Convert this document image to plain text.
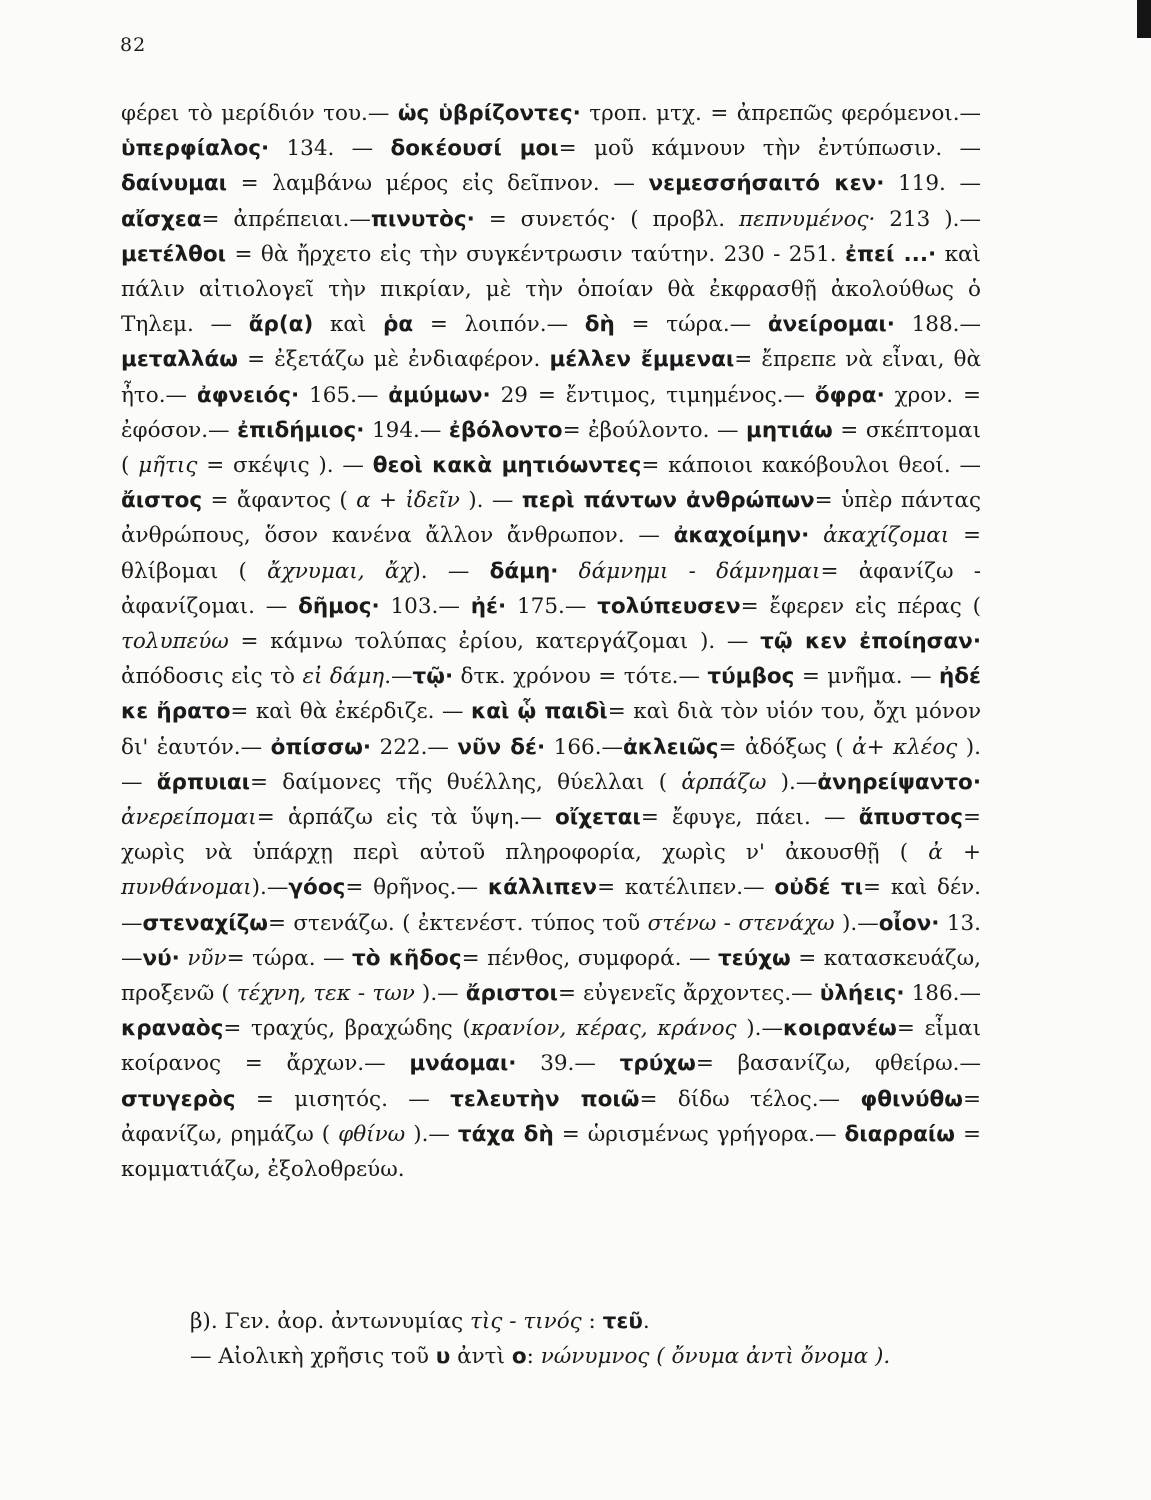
82
φέρει τὸ μερίδιόν του.— ὡς ὑβρίζοντες· τροπ. μτχ. = ἀπρεπῶς φερόμενοι.—ὑπερφίαλος· 134. — δοκέουσί μοι= μοῦ κάμνουν τὴν ἐντύπωσιν. — δαίνυμαι = λαμβάνω μέρος εἰς δεῖπνον. — νεμεσσήσαιτό κεν· 119. —αἴσχεα= ἀπρέπειαι.—πινυτὸς· = συνετός· ( προβλ. πεπνυμένος· 213 ).— μετέλθοι = θὰ ἤρχετο εἰς τὴν συγκέντρωσιν ταύτην. 230 - 251. ἐπεί ...· καὶ πάλιν αἰτιολογεῖ τὴν πικρίαν, μὲ τὴν ὁποίαν θὰ ἐκφρασθῇ ἀκολούθως ὁ Τηλεμ. — ἄρ(α) καὶ ῥα = λοιπόν.— δὴ = τώρα.— ἀνείρομαι· 188.— μεταλλάω = ἐξετάζω μὲ ἐνδιαφέρον. μέλλεν ἔμμεναι= ἔπρεπε νὰ εἶναι, θὰ ἦτο.— ἀφνειός· 165.— ἀμύμων· 29 = ἔντιμος, τιμημένος.— ὄφρα· χρον. = ἐφόσον.— ἐπιδήμιος· 194.— ἐβόλοντο= ἐβούλοντο. — μητιάω = σκέπτομαι ( μῆτις = σκέψις ). — θεοὶ κακὰ μητιόωντες= κάποιοι κακόβουλοι θεοί. — ἄιστος = ἄφαντος ( α + ἰδεῖν ). — περὶ πάντων ἀνθρώπων= ὑπὲρ πάντας ἀνθρώπους, ὅσον κανένα ἄλλον ἄνθρωπον. — ἀκαχοίμην· ἀκαχίζομαι = θλίβομαι ( ἄχνυμαι, ἄχ). — δάμη· δάμνημι - δάμνημαι= ἀφανίζω - ἀφανίζομαι. — δῆμος· 103.— ἠέ· 175.— τολύπευσεν= ἔφερεν εἰς πέρας ( τολυπεύω = κάμνω τολύπας ἐρίου, κατεργάζομαι ). — τῷ κεν ἐποίησαν· ἀπόδοσις εἰς τὸ εἰ δάμη.—τῷ· δτκ. χρόνου = τότε.— τύμβος = μνῆμα. — ἠδέ κε ἤρατο= καὶ θὰ ἐκέρδιζε. — καὶ ᾧ παιδὶ= καὶ διὰ τὸν υἱόν του, ὄχι μόνον δι' ἑαυτόν.— ὀπίσσω· 222.— νῦν δέ· 166.—ἀκλειῶς= ἀδόξως ( ἀ+ κλέος ).— ἅρπυιαι= δαίμονες τῆς θυέλλης, θύελλαι ( ἁρπάζω ).—ἀνηρείψαντο· ἀνερείπομαι= ἁρπάζω εἰς τὰ ὕψη.— οἴχεται= ἔφυγε, πάει. — ἄπυστος= χωρὶς νὰ ὑπάρχῃ περὶ αὐτοῦ πληροφορία, χωρὶς ν' ἀκουσθῇ ( ἀ + πυνθάνομαι).—γόος= θρῆνος.— κάλλιπεν= κατέλιπεν.— οὐδέ τι= καὶ δέν. —στεναχίζω= στενάζω. ( ἐκτενέστ. τύπος τοῦ στένω - στενάχω ).—οἶον· 13.—νύ· νῦν= τώρα. — τὸ κῆδος= πένθος, συμφορά. — τεύχω = κατασκευάζω, προξενῶ ( τέχνη, τεκ - των ).— ἄριστοι= εὐγενεῖς ἄρχοντες.— ὑλήεις· 186.— κραναὸς= τραχύς, βραχώδης (κρανίον, κέρας, κράνος ).—κοιρανέω= εἶμαι κοίρανος = ἄρχων.— μνάομαι· 39.— τρύχω= βασανίζω, φθείρω.— στυγερὸς = μισητός. — τελευτὴν ποιῶ= δίδω τέλος.— φθινύθω= ἀφανίζω, ρημάζω ( φθίνω ).— τάχα δὴ = ὡρισμένως γρήγορα.— διαρραίω = κομματιάζω, ἐξολοθρεύω.
β). Γεν. ἀορ. ἀντωνυμίας τὶς - τινός : τεῦ.
— Αἰολικὴ χρῆσις τοῦ υ ἀντὶ ο: νώνυμνος ( ὄνυμα ἀντὶ ὄνομα ).
